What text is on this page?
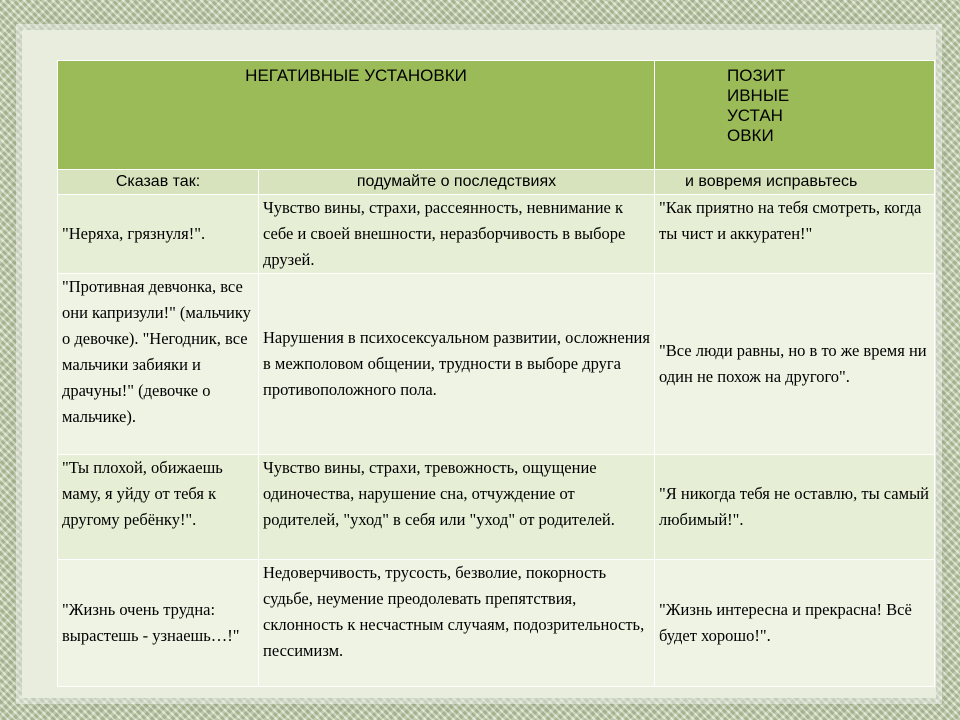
НЕГАТИВНЫЕ УСТАНОВКИ		ПОЗИТИВНЫЕ УСТАНОВКИ

Сказав так:	подумайте о последствиях	и вовремя исправьтесь

"Неряха, грязнуля!".	Чувство вины, страхи, рассеянность, невнимание к себе и своей внешности, неразборчивость в выборе друзей.	"Как приятно на тебя смотреть, когда ты чист и аккуратен!"

"Противная девчонка, все они капризули!" (мальчику о девочке). "Негодник, все мальчики забияки и драчуны!" (девочке о мальчике).	Нарушения в психосексуальном развитии, осложнения в межполовом общении, трудности в выборе друга противоположного пола.	"Все люди равны, но в то же время ни один не похож на другого".

"Ты плохой, обижаешь маму, я уйду от тебя к другому ребёнку!".	Чувство вины, страхи, тревожность, ощущение одиночества, нарушение сна, отчуждение от родителей, "уход" в себя или "уход" от родителей.	"Я никогда тебя не оставлю, ты самый любимый!".

"Жизнь очень трудна: вырастешь - узнаешь…!"	Недоверчивость, трусость, безволие, покорность судьбе, неумение преодолевать препятствия, склонность к несчастным случаям, подозрительность, пессимизм.	"Жизнь интересна и прекрасна! Всё будет хорошо!".
